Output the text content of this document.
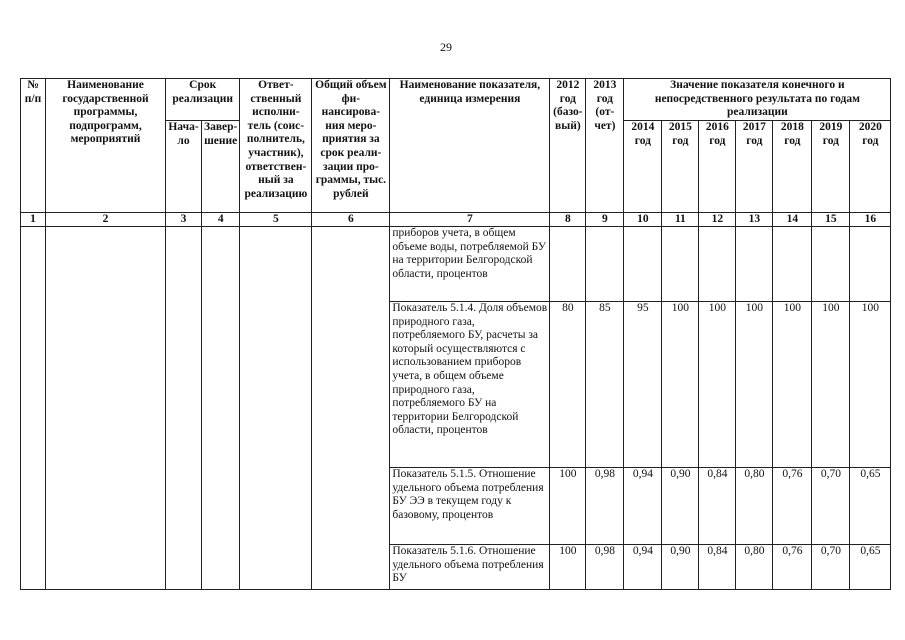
29
№ п/п	Наименование государственной программы, подпрограмм, мероприятий	Срок реализации		Ответ-ственный исполни-тель (соис-полнитель, участник), ответствен-ный за реализацию	Общий объем фи-нансирова-ния меро-приятия за срок реали-зации про-граммы, тыс. рублей	Наименование показателя, единица измерения	2012 год (базо-вый)	2013 год (от-чет)	Значение показателя конечного и непосредственного результата по годам реализации						
		Нача-ло	Завер-шение						2014 год	2015 год	2016 год	2017 год	2018 год	2019 год	2020 год
1	2	3	4	5	6	7	8	9	10	11	12	13	14	15	16
						приборов учета, в общем объеме воды, потребляемой БУ на территории Белгородской области, процентов									
						Показатель 5.1.4. Доля объемов природного газа, потребляемого БУ, расчеты за который осуществляются с использованием приборов учета, в общем объеме природного газа, потребляемого БУ на территории Белгородской области, процентов	80	85	95	100	100	100	100	100	100
						Показатель 5.1.5. Отношение удельного объема потребления БУ ЭЭ в текущем году к базовому, процентов	100	0,98	0,94	0,90	0,84	0,80	0,76	0,70	0,65
						Показатель 5.1.6. Отношение удельного объема потребления БУ	100	0,98	0,94	0,90	0,84	0,80	0,76	0,70	0,65
